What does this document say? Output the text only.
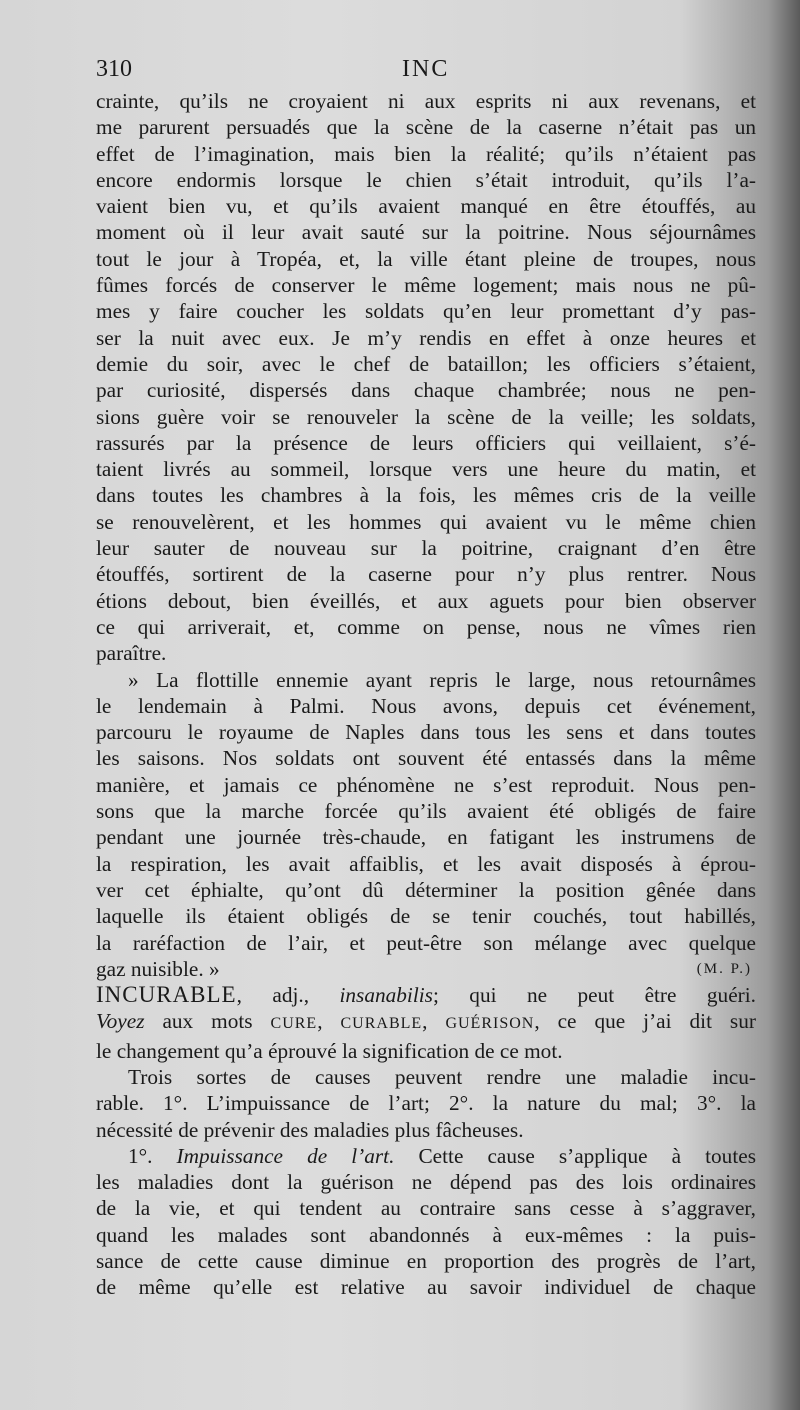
310	INC
crainte, qu’ils ne croyaient ni aux esprits ni aux revenans, et
me parurent persuadés que la scène de la caserne n’était pas un
effet de l’imagination, mais bien la réalité; qu’ils n’étaient pas
encore endormis lorsque le chien s’était introduit, qu’ils l’a-
vaient bien vu, et qu’ils avaient manqué en être étouffés, au
moment où il leur avait sauté sur la poitrine. Nous séjournâmes
tout le jour à Tropéa, et, la ville étant pleine de troupes, nous
fûmes forcés de conserver le même logement; mais nous ne pû-
mes y faire coucher les soldats qu’en leur promettant d’y pas-
ser la nuit avec eux. Je m’y rendis en effet à onze heures et
demie du soir, avec le chef de bataillon; les officiers s’étaient,
par curiosité, dispersés dans chaque chambrée; nous ne pen-
sions guère voir se renouveler la scène de la veille; les soldats,
rassurés par la présence de leurs officiers qui veillaient, s’é-
taient livrés au sommeil, lorsque vers une heure du matin, et
dans toutes les chambres à la fois, les mêmes cris de la veille
se renouvelèrent, et les hommes qui avaient vu le même chien
leur sauter de nouveau sur la poitrine, craignant d’en être
étouffés, sortirent de la caserne pour n’y plus rentrer. Nous
étions debout, bien éveillés, et aux aguets pour bien observer
ce qui arriverait, et, comme on pense, nous ne vîmes rien
paraître.
» La flottille ennemie ayant repris le large, nous retournâmes
le lendemain à Palmi. Nous avons, depuis cet événement,
parcouru le royaume de Naples dans tous les sens et dans toutes
les saisons. Nos soldats ont souvent été entassés dans la même
manière, et jamais ce phénomène ne s’est reproduit. Nous pen-
sons que la marche forcée qu’ils avaient été obligés de faire
pendant une journée très-chaude, en fatigant les instrumens de
la respiration, les avait affaiblis, et les avait disposés à éprou-
ver cet éphialte, qu’ont dû déterminer la position gênée dans
laquelle ils étaient obligés de se tenir couchés, tout habillés,
la raréfaction de l’air, et peut-être son mélange avec quelque
gaz nuisible. »	(M. P.)
INCURABLE, adj., insanabilis; qui ne peut être guéri.
Voyez aux mots CURE, CURABLE, GUÉRISON, ce que j’ai dit sur
le changement qu’a éprouvé la signification de ce mot.
Trois sortes de causes peuvent rendre une maladie incu-
rable. 1°. L’impuissance de l’art; 2°. la nature du mal; 3°. la
nécessité de prévenir des maladies plus fâcheuses.
1°. Impuissance de l’art. Cette cause s’applique à toutes
les maladies dont la guérison ne dépend pas des lois ordinaires
de la vie, et qui tendent au contraire sans cesse à s’aggraver,
quand les malades sont abandonnés à eux-mêmes : la puis-
sance de cette cause diminue en proportion des progrès de l’art,
de même qu’elle est relative au savoir individuel de chaque
